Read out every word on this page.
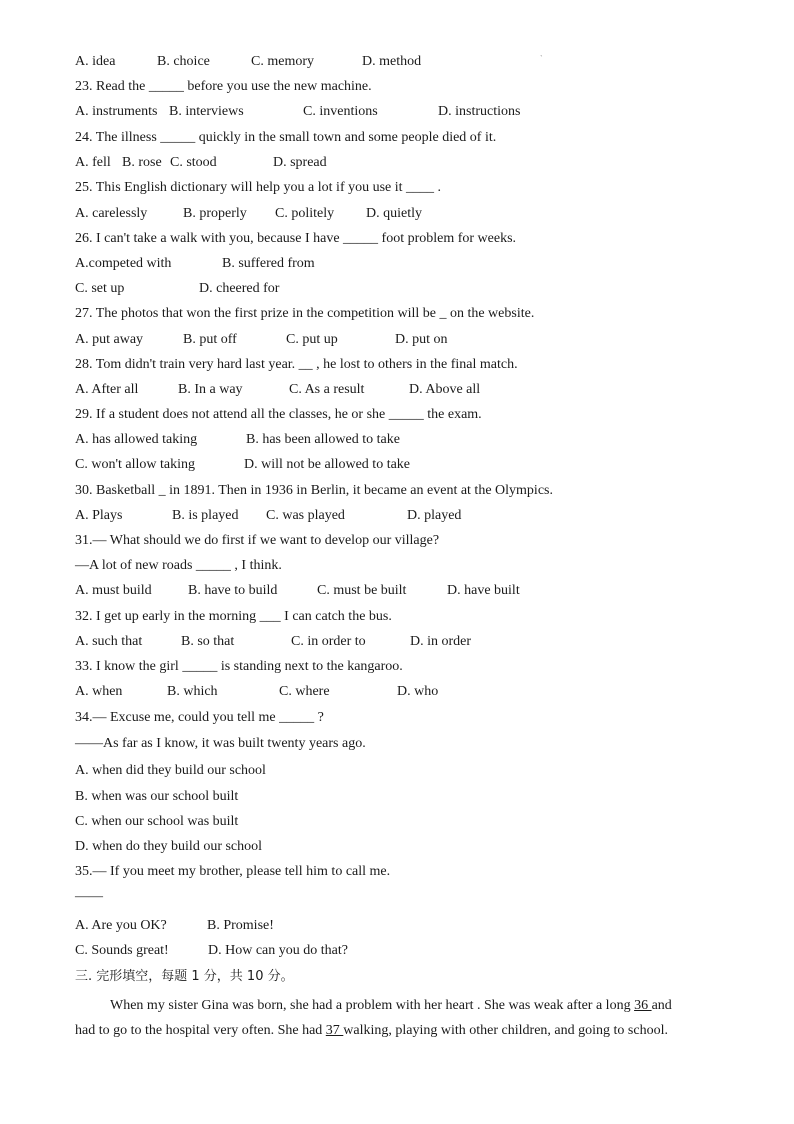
`
A. idea	B. choice	C. memory	D. method
23. Read the _____ before you use the new machine.
A. instruments B. interviews	C. inventions	D. instructions
24. The illness _____ quickly in the small town and some people died of it.
A. fell B. rose C. stood	D. spread
25. This English dictionary will help you a lot if you use it ____ .
A. carelessly	B. properly C. politely D. quietly
26. I can't take a walk with you, because I have _____ foot problem for weeks.
A.competed with	B. suffered from
C. set up	D. cheered for
27. The photos that won the first prize in the competition will be _ on the website.
A. put away	B. put off	C. put up	D. put on
28. Tom didn't train very hard last year. __ , he lost to others in the final match.
A. After all	B. In a way	C. As a result	D. Above all
29. If a student does not attend all the classes, he or she _____ the exam.
A. has allowed taking	B. has been allowed to take
C. won't allow taking	D. will not be allowed to take
30. Basketball _ in 1891. Then in 1936 in Berlin, it became an event at the Olympics.
A. Plays	B. is played C. was played	D. played
31.— What should we do first if we want to develop our village?
—A lot of new roads _____ , I think.
A. must build	B. have to build	C. must be built	D. have built
32. I get up early in the morning ___ I can catch the bus.
A. such that	B. so that	C. in order to	D. in order
33. I know the girl _____ is standing next to the kangaroo.
A. when	B. which	C. where	D. who
34.— Excuse me, could you tell me _____ ?
——As far as I know, it was built twenty years ago.
A. when did they build our school
B. when was our school built
C. when our school was built
D. when do they build our school
35.— If you meet my brother, please tell him to call me.
——
A. Are you OK?	B. Promise!
C. Sounds great!	D. How can you do that?
三. 完形填空，每题 1 分，共 10 分。
When my sister Gina was born, she had a problem with her heart . She was weak after a long 36 and
had to go to the hospital very often. She had 37 walking, playing with other children, and going to school.
